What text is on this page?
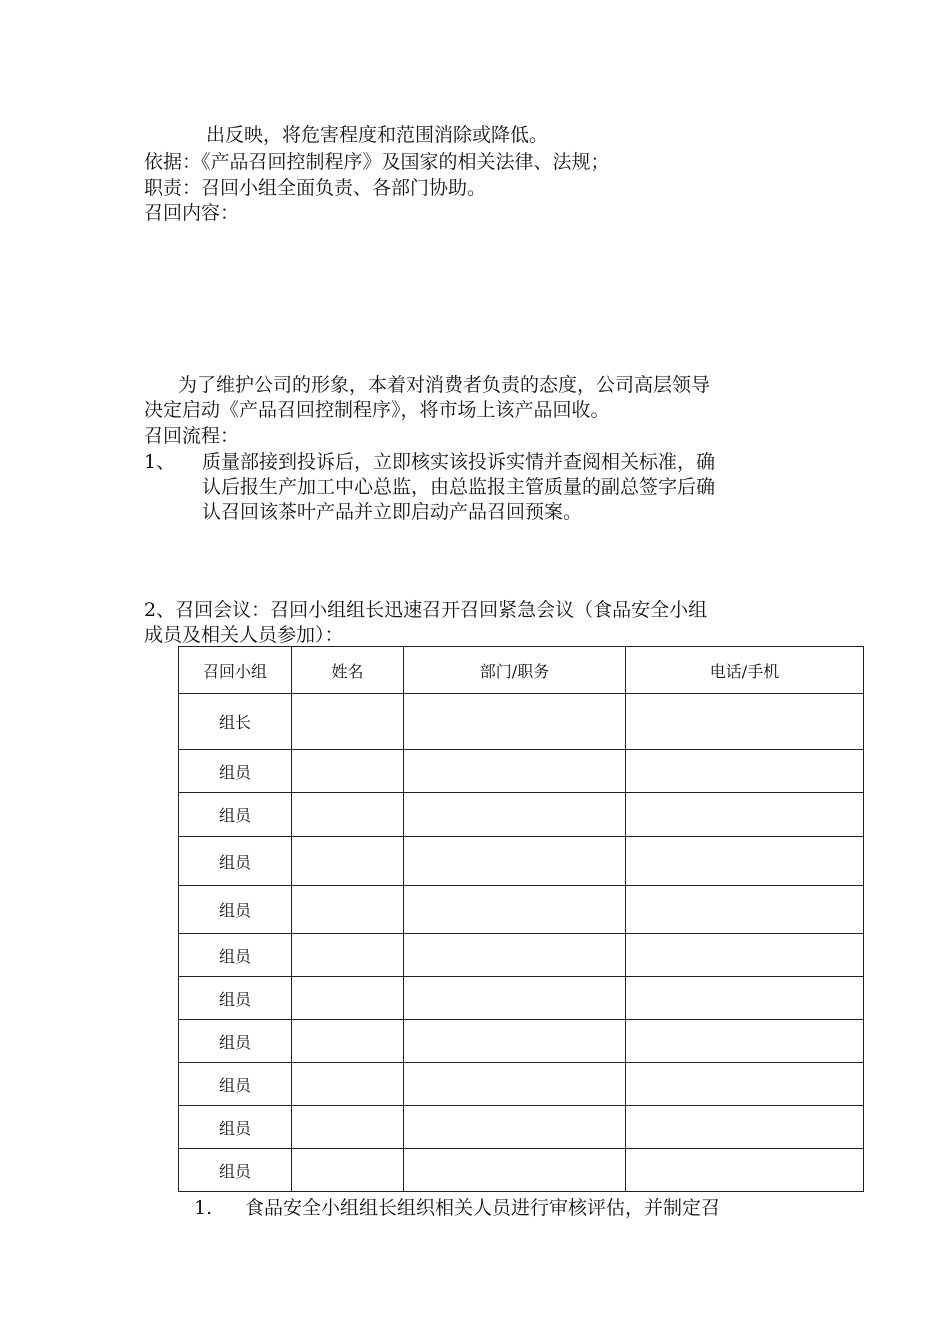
出反映，将危害程度和范围消除或降低。
依据：《产品召回控制程序》及国家的相关法律、法规；
职责：召回小组全面负责、各部门协助。
召回内容：
为了维护公司的形象，本着对消费者负责的态度，公司高层领导
决定启动《产品召回控制程序》，将市场上该产品回收。
召回流程：
1、 质量部接到投诉后，立即核实该投诉实情并查阅相关标准，确
认后报生产加工中心总监，由总监报主管质量的副总签字后确
认召回该茶叶产品并立即启动产品召回预案。
2、召回会议：召回小组组长迅速召开召回紧急会议（食品安全小组
成员及相关人员参加）：
召回小组	姓名	部门/职务	电话/手机
组长			
组员			
组员			
组员			
组员			
组员			
组员			
组员			
组员			
组员			
组员			
1. 食品安全小组组长组织相关人员进行审核评估，并制定召
